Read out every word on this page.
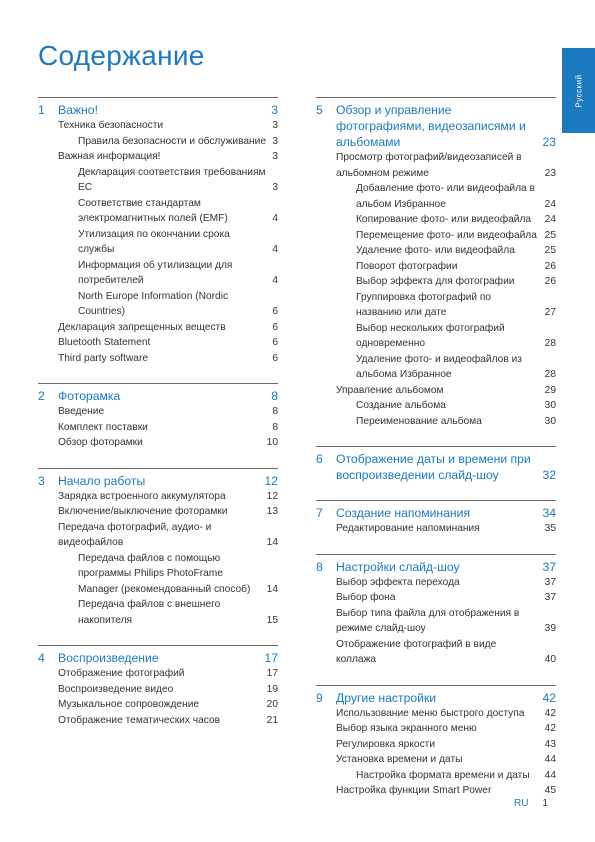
Содержание
Русский
1	Важно!	3
Техника безопасности	3
Правила безопасности и обслуживание 3
Важная информация!	3
Декларация соответствия требованиям ЕС	3
Соответствие стандартам электромагнитных полей (EMF)	4
Утилизация по окончании срока службы	4
Информация об утилизации для потребителей	4
North Europe Information (Nordic Countries)	6
Декларация запрещенных веществ	6
Bluetooth Statement	6
Third party software	6
2	Фоторамка	8
Введение	8
Комплект поставки	8
Обзор фоторамки	10
3	Начало работы	12
Зарядка встроенного аккумулятора	12
Включение/выключение фоторамки	13
Передача фотографий, аудио- и видеофайлов	14
Передача файлов с помощью программы Philips PhotoFrame Manager (рекомендованный способ)	14
Передача файлов с внешнего накопителя	15
4	Воспроизведение	17
Отображение фотографий	17
Воспроизведение видео	19
Музыкальное сопровождение	20
Отображение тематических часов	21
5	Обзор и управление фотографиями, видеозаписями и альбомами	23
Просмотр фотографий/видеозаписей в альбомном режиме	23
Добавление фото- или видеофайла в альбом Избранное	24
Копирование фото- или видеофайла	24
Перемещение фото- или видеофайла 25
Удаление фото- или видеофайла	25
Поворот фотографии	26
Выбор эффекта для фотографии	26
Группировка фотографий по названию или дате	27
Выбор нескольких фотографий одновременно	28
Удаление фото- и видеофайлов из альбома Избранное	28
Управление альбомом	29
Создание альбома	30
Переименование альбома	30
6	Отображение даты и времени при воспроизведении слайд-шоу	32
7	Создание напоминания	34
Редактирование напоминания	35
8	Настройки слайд-шоу	37
Выбор эффекта перехода	37
Выбор фона	37
Выбор типа файла для отображения в режиме слайд-шоу	39
Отображение фотографий в виде коллажа	40
9	Другие настройки	42
Использование меню быстрого доступа	42
Выбор языка экранного меню	42
Регулировка яркости	43
Установка времени и даты	44
Настройка формата времени и даты	44
Настройка функции Smart Power	45
RU 1
